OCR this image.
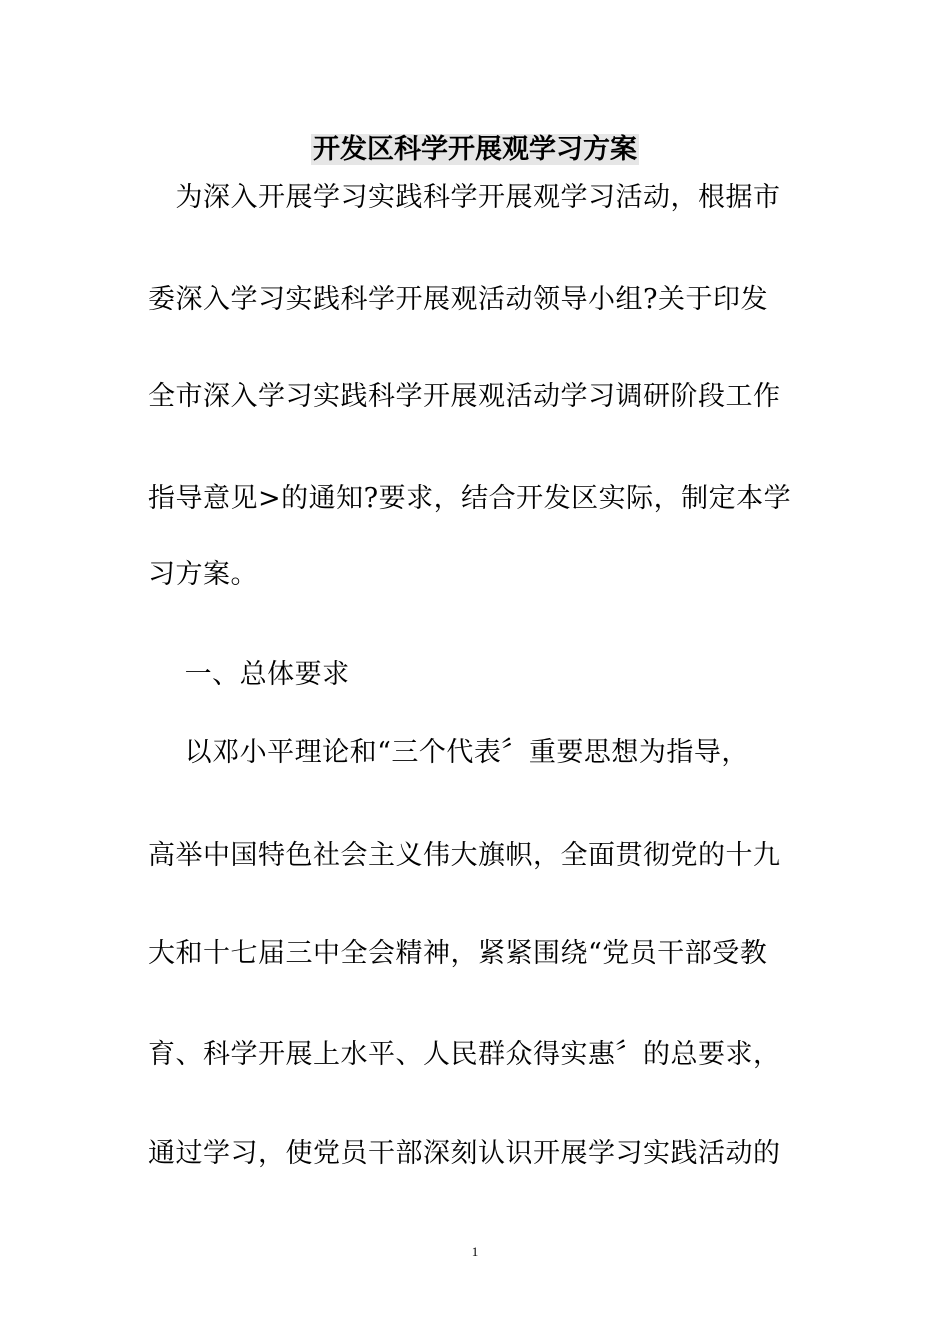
开发区科学开展观学习方案
　为深入开展学习实践科学开展观学习活动，根据市
委深入学习实践科学开展观活动领导小组?关于印发
全市深入学习实践科学开展观活动学习调研阶段工作
指导意见>的通知?要求，结合开发区实际，制定本学
习方案。
　 一、总体要求
　 以邓小平理论和“三个代表〞重要思想为指导，
高举中国特色社会主义伟大旗帜，全面贯彻党的十九
大和十七届三中全会精神，紧紧围绕“党员干部受教
育、科学开展上水平、人民群众得实惠〞的总要求，
通过学习，使党员干部深刻认识开展学习实践活动的
1
